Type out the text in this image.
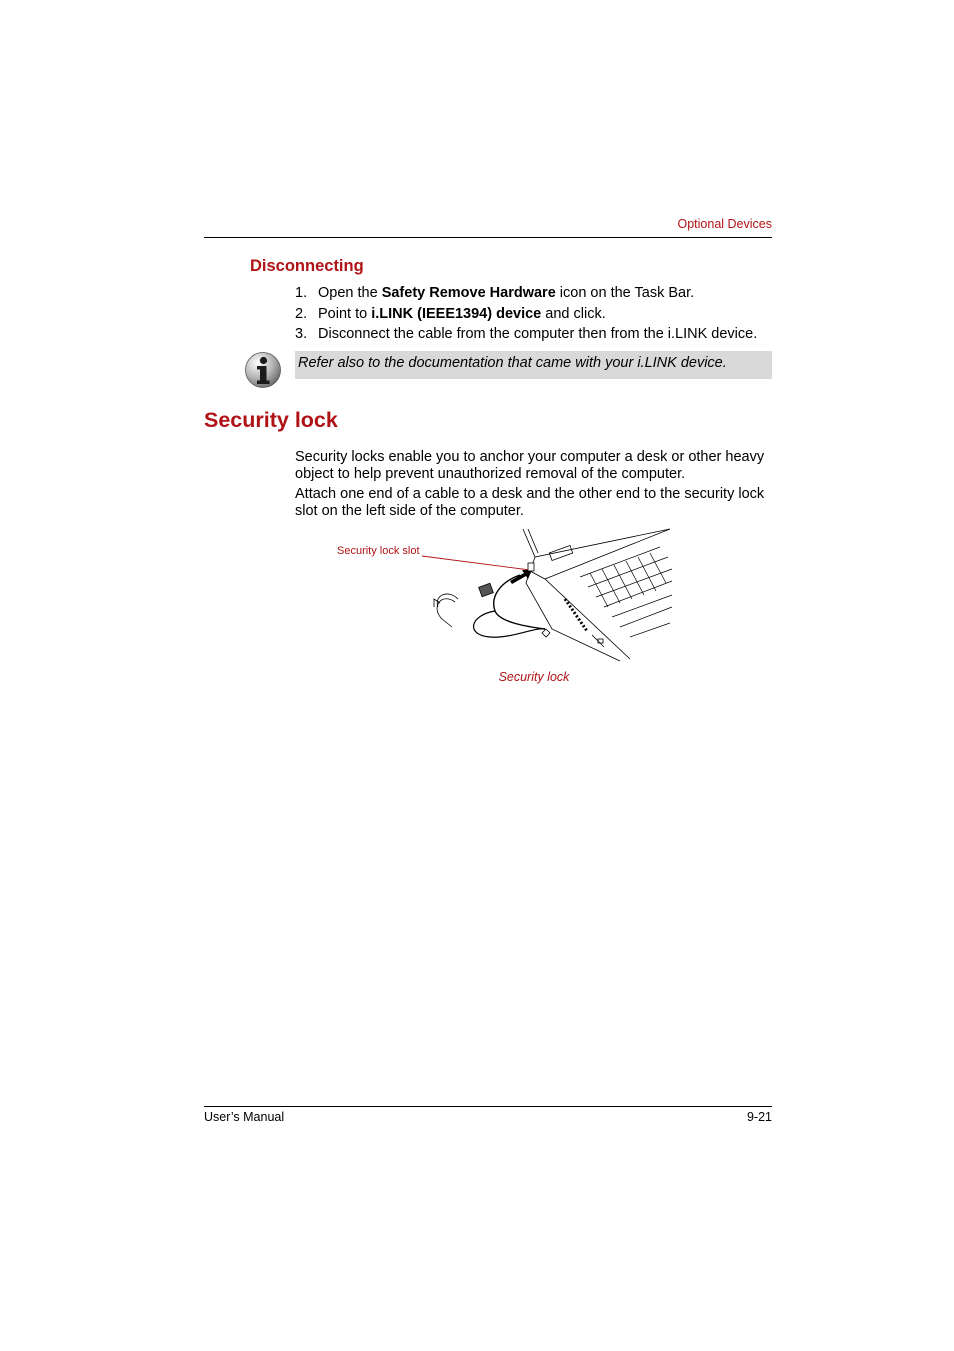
Optional Devices
Disconnecting
1. Open the Safety Remove Hardware icon on the Task Bar.
2. Point to i.LINK (IEEE1394) device and click.
3. Disconnect the cable from the computer then from the i.LINK device.
Refer also to the documentation that came with your i.LINK device.
Security lock
Security locks enable you to anchor your computer a desk or other heavy object to help prevent unauthorized removal of the computer.
Attach one end of a cable to a desk and the other end to the security lock slot on the left side of the computer.
Security lock slot
Security lock
User’s Manual	9-21
